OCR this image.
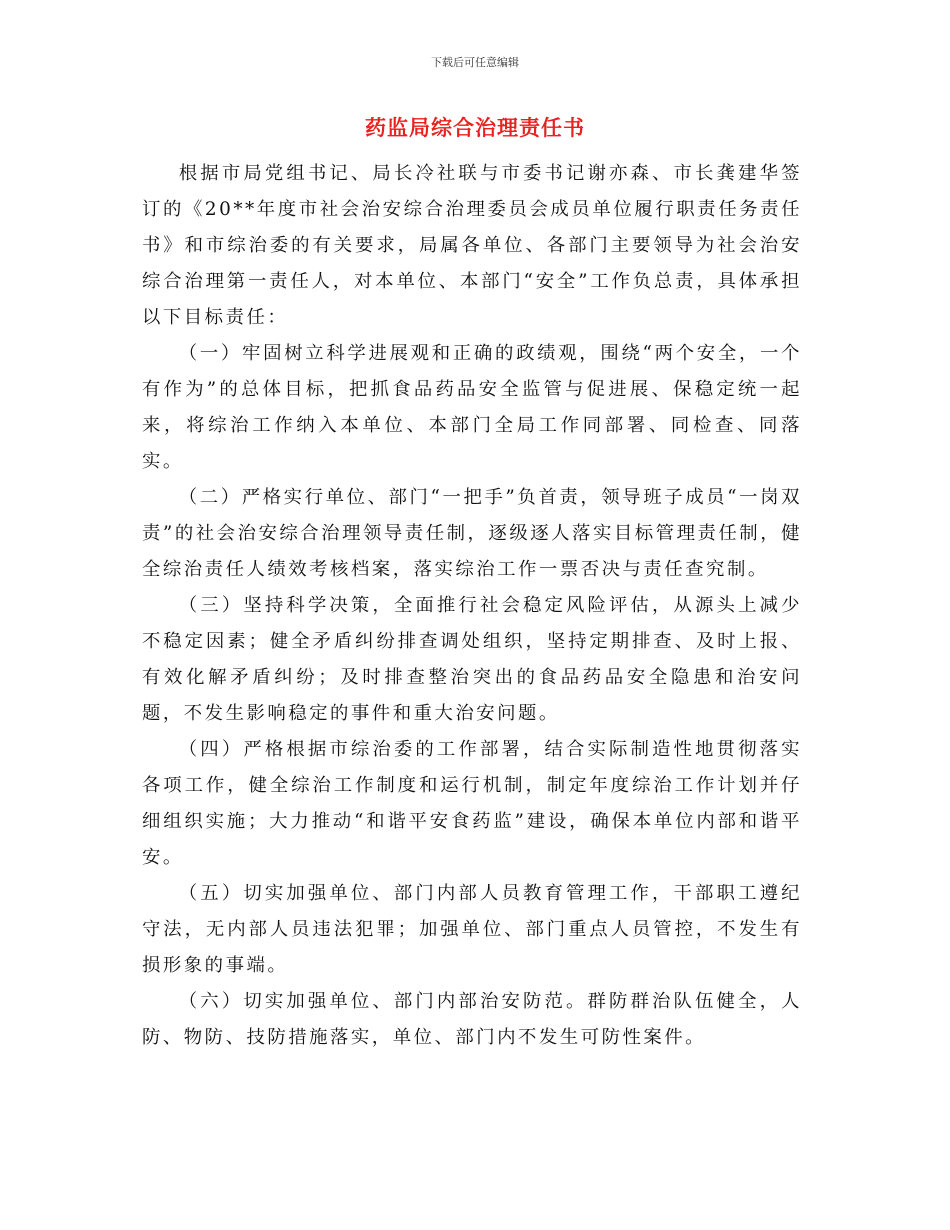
下载后可任意编辑
药监局综合治理责任书

根据市局党组书记、局长冷社联与市委书记谢亦森、市长龚建华签订的《20**年度市社会治安综合治理委员会成员单位履行职责任务责任书》和市综治委的有关要求，局属各单位、各部门主要领导为社会治安综合治理第一责任人，对本单位、本部门“安全”工作负总责，具体承担以下目标责任：

（一）牢固树立科学进展观和正确的政绩观，围绕“两个安全，一个有作为”的总体目标，把抓食品药品安全监管与促进展、保稳定统一起来，将综治工作纳入本单位、本部门全局工作同部署、同检查、同落实。

（二）严格实行单位、部门“一把手”负首责，领导班子成员“一岗双责”的社会治安综合治理领导责任制，逐级逐人落实目标管理责任制，健全综治责任人绩效考核档案，落实综治工作一票否决与责任查究制。

（三）坚持科学决策，全面推行社会稳定风险评估，从源头上减少不稳定因素；健全矛盾纠纷排查调处组织，坚持定期排查、及时上报、有效化解矛盾纠纷；及时排查整治突出的食品药品安全隐患和治安问题，不发生影响稳定的事件和重大治安问题。

（四）严格根据市综治委的工作部署，结合实际制造性地贯彻落实各项工作，健全综治工作制度和运行机制，制定年度综治工作计划并仔细组织实施；大力推动“和谐平安食药监”建设，确保本单位内部和谐平安。

（五）切实加强单位、部门内部人员教育管理工作，干部职工遵纪守法，无内部人员违法犯罪；加强单位、部门重点人员管控，不发生有损形象的事端。

（六）切实加强单位、部门内部治安防范。群防群治队伍健全，人防、物防、技防措施落实，单位、部门内不发生可防性案件。
